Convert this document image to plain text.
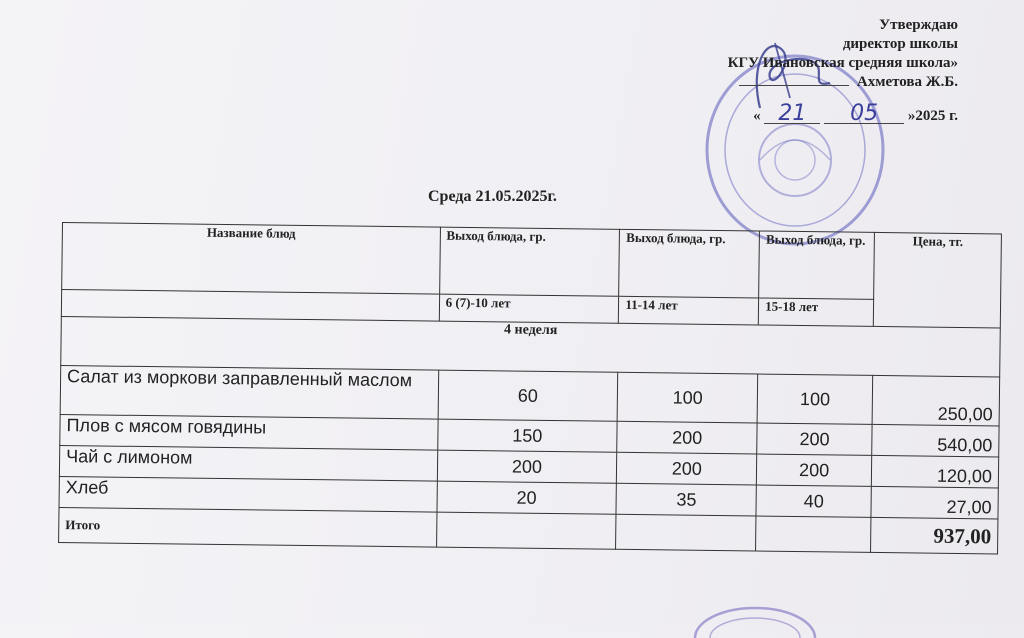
Утверждаю
директор школы
КГУ Ивановская средняя школа»
Ахметова Ж.Б.
« 21 05 »2025 г.
Среда 21.05.2025г.
Название блюд	Выход блюда, гр.	Выход блюда, гр.	Выход блюда, гр.	Цена, тг.
	6 (7)-10 лет	11-14 лет	15-18 лет	
4 неделя				
Салат из моркови заправленный маслом	60	100	100	250,00
Плов с мясом говядины	150	200	200	540,00
Чай с лимоном	200	200	200	120,00
Хлеб	20	35	40	27,00
Итого				937,00
